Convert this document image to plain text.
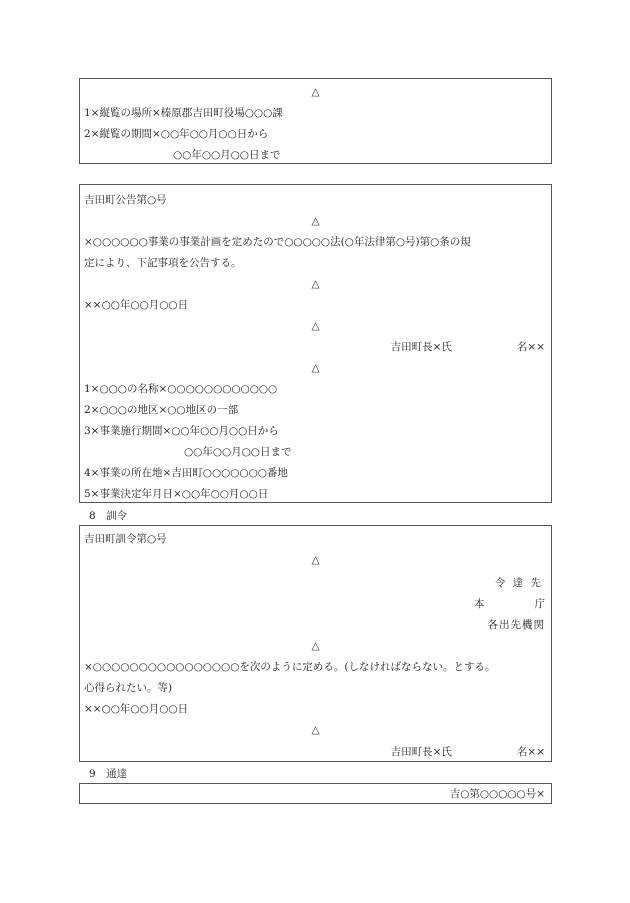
△
1×縦覧の場所×榛原郡吉田町役場○○○課
2×縦覧の期間×○○年○○月○○日から
○○年○○月○○日まで
吉田町公告第○号
△
×○○○○○○事業の事業計画を定めたので○○○○○法(○年法律第○号)第○条の規
定により、下記事項を公告する。
△
××○○年○○月○○日
△
吉田町長×氏	名××
△
1×○○○の名称×○○○○○○○○○○○○
2×○○○の地区×○○地区の一部
3×事業施行期間×○○年○○月○○日から
○○年○○月○○日まで
4×事業の所在地×吉田町○○○○○○○番地
5×事業決定年月日×○○年○○月○○日
8　訓令
吉田町訓令第○号
△
令 達 先
本	庁
各出先機関
△
×○○○○○○○○○○○○○○○○を次のように定める。(しなければならない。とする。
心得られたい。等)
××○○年○○月○○日
△
吉田町長×氏	名××
9　通達
吉○第○○○○○号×
